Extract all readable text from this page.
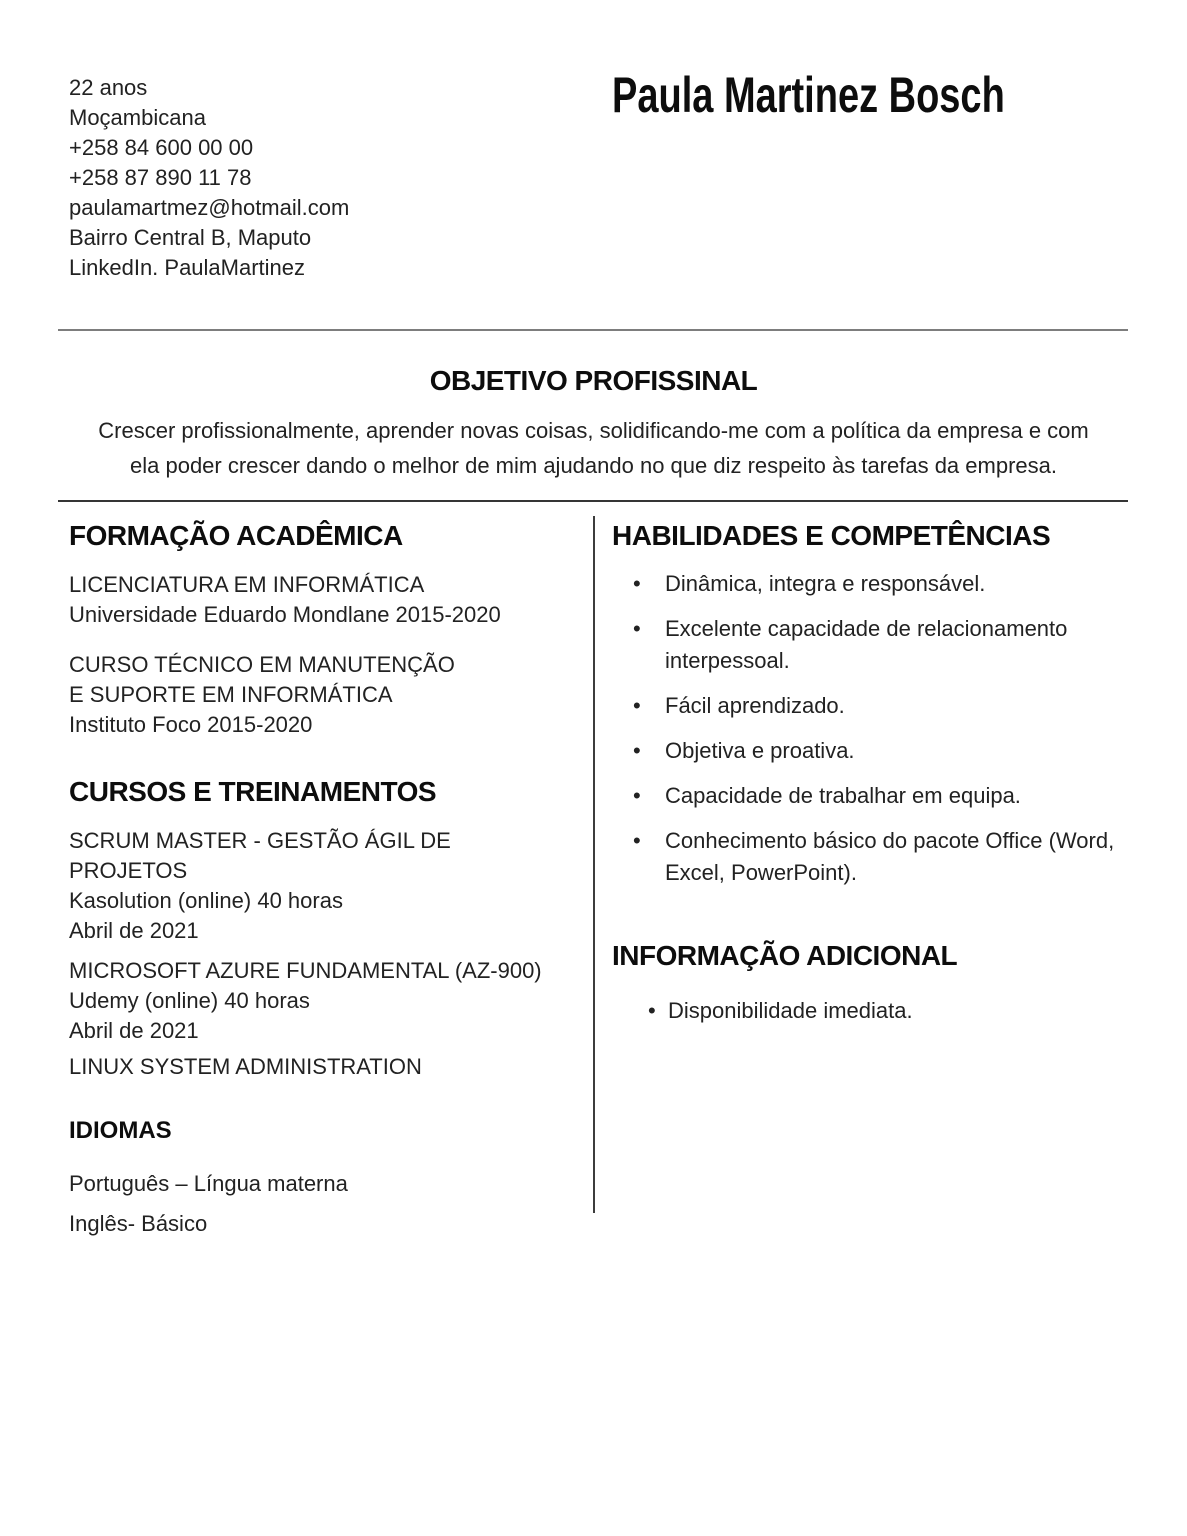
22 anos
Moçambicana
+258 84 600 00 00
+258 87 890 11 78
paulamartmez@hotmail.com
Bairro Central B, Maputo
LinkedIn. PaulaMartinez
Paula Martinez Bosch
OBJETIVO PROFISSINAL
Crescer profissionalmente, aprender novas coisas, solidificando-me com a política da empresa e com
ela poder crescer dando o melhor de mim ajudando no que diz respeito às tarefas da empresa.
FORMAÇÃO ACADÊMICA
LICENCIATURA EM INFORMÁTICA
Universidade Eduardo Mondlane 2015-2020
CURSO TÉCNICO EM MANUTENÇÃO
E SUPORTE EM INFORMÁTICA
Instituto Foco 2015-2020
CURSOS E TREINAMENTOS
SCRUM MASTER - GESTÃO ÁGIL DE PROJETOS
Kasolution (online) 40 horas
Abril de 2021
MICROSOFT AZURE FUNDAMENTAL (AZ-900)
Udemy (online) 40 horas
Abril de 2021
LINUX SYSTEM ADMINISTRATION
IDIOMAS
Português – Língua materna
Inglês- Básico
HABILIDADES E COMPETÊNCIAS
•	Dinâmica, integra e responsável.
•	Excelente capacidade de relacionamento interpessoal.
•	Fácil aprendizado.
•	Objetiva e proativa.
•	Capacidade de trabalhar em equipa.
•	Conhecimento básico do pacote Office (Word, Excel, PowerPoint).
INFORMAÇÃO ADICIONAL
• Disponibilidade imediata.
